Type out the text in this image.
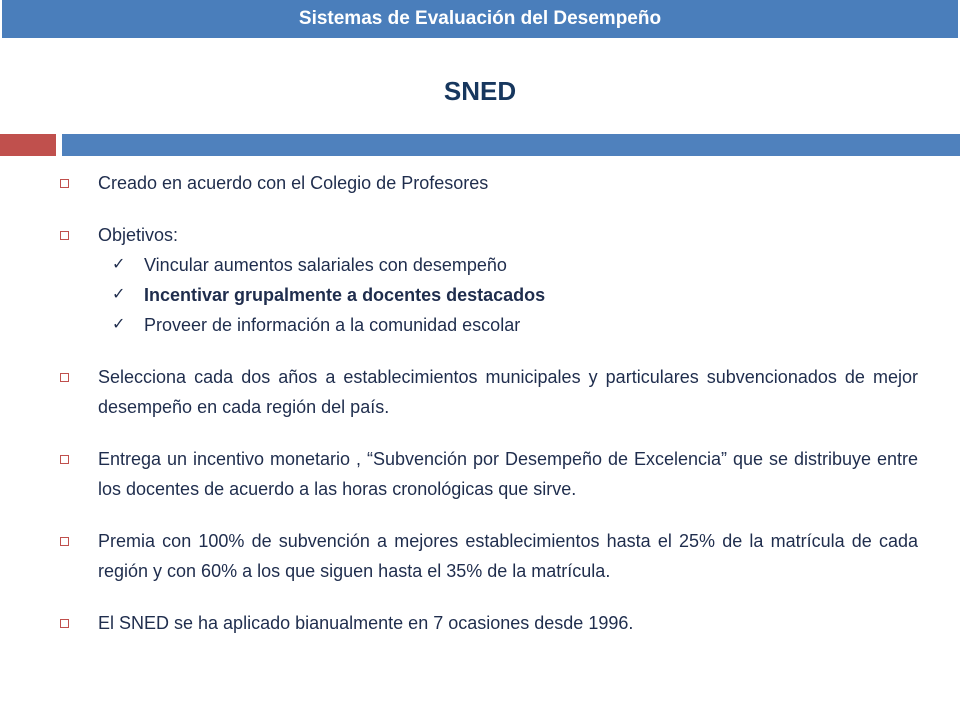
Sistemas de Evaluación del Desempeño
SNED
Creado en acuerdo con el Colegio de Profesores
Objetivos:
✓ Vincular aumentos salariales con desempeño
✓ Incentivar grupalmente a docentes destacados
✓ Proveer de información a la comunidad escolar
Selecciona cada dos años a establecimientos municipales y particulares subvencionados de mejor desempeño en cada región del país.
Entrega un incentivo monetario , “Subvención por Desempeño de Excelencia” que se distribuye entre los docentes de acuerdo a las horas cronológicas que sirve.
Premia con 100% de subvención a mejores establecimientos hasta el 25% de la matrícula de cada región y con 60% a los que siguen hasta el 35% de la matrícula.
El SNED se ha aplicado bianualmente en 7 ocasiones desde 1996.
